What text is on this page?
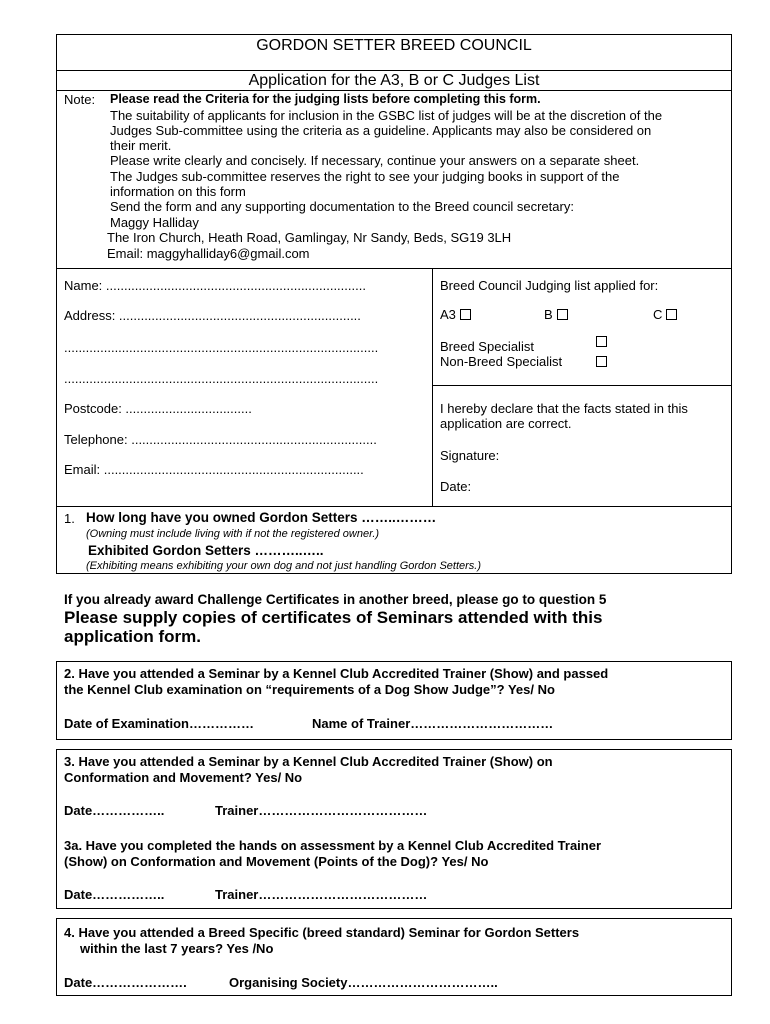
GORDON SETTER BREED COUNCIL
Application for the A3, B or C Judges List
Note: Please read the Criteria for the judging lists before completing this form.
The suitability of applicants for inclusion in the GSBC list of judges will be at the discretion of the
Judges Sub-committee using the criteria as a guideline. Applicants may also be considered on
their merit.
Please write clearly and concisely. If necessary, continue your answers on a separate sheet.
The Judges sub-committee reserves the right to see your judging books in support of the
information on this form
Send the form and any supporting documentation to the Breed council secretary:
Maggy Halliday
The Iron Church, Heath Road, Gamlingay, Nr Sandy, Beds, SG19 3LH
Email: maggyhalliday6@gmail.com
Name: ........................................................................
Address: ...................................................................
.......................................................................................
.......................................................................................
Postcode: ...................................
Telephone: ....................................................................
Email: ........................................................................
Breed Council Judging list applied for:
A3	B	C
Breed Specialist
Non-Breed Specialist
I hereby declare that the facts stated in this
application are correct.
Signature:
Date:
1. How long have you owned Gordon Setters ……..………
(Owning must include living with if not the registered owner.)
Exhibited Gordon Setters ………..…..
(Exhibiting means exhibiting your own dog and not just handling Gordon Setters.)
If you already award Challenge Certificates in another breed, please go to question 5
Please supply copies of certificates of Seminars attended with this
application form.
2. Have you attended a Seminar by a Kennel Club Accredited Trainer (Show) and passed
the Kennel Club examination on “requirements of a Dog Show Judge”? Yes/ No
Date of Examination……………	Name of Trainer……………………………
3. Have you attended a Seminar by a Kennel Club Accredited Trainer (Show) on
Conformation and Movement? Yes/ No
Date……………..	Trainer…………………………………
3a. Have you completed the hands on assessment by a Kennel Club Accredited Trainer
(Show) on Conformation and Movement (Points of the Dog)? Yes/ No
Date……………..	Trainer…………………………………
4. Have you attended a Breed Specific (breed standard) Seminar for Gordon Setters
within the last 7 years? Yes /No
Date………………….	Organising Society……………………………..
